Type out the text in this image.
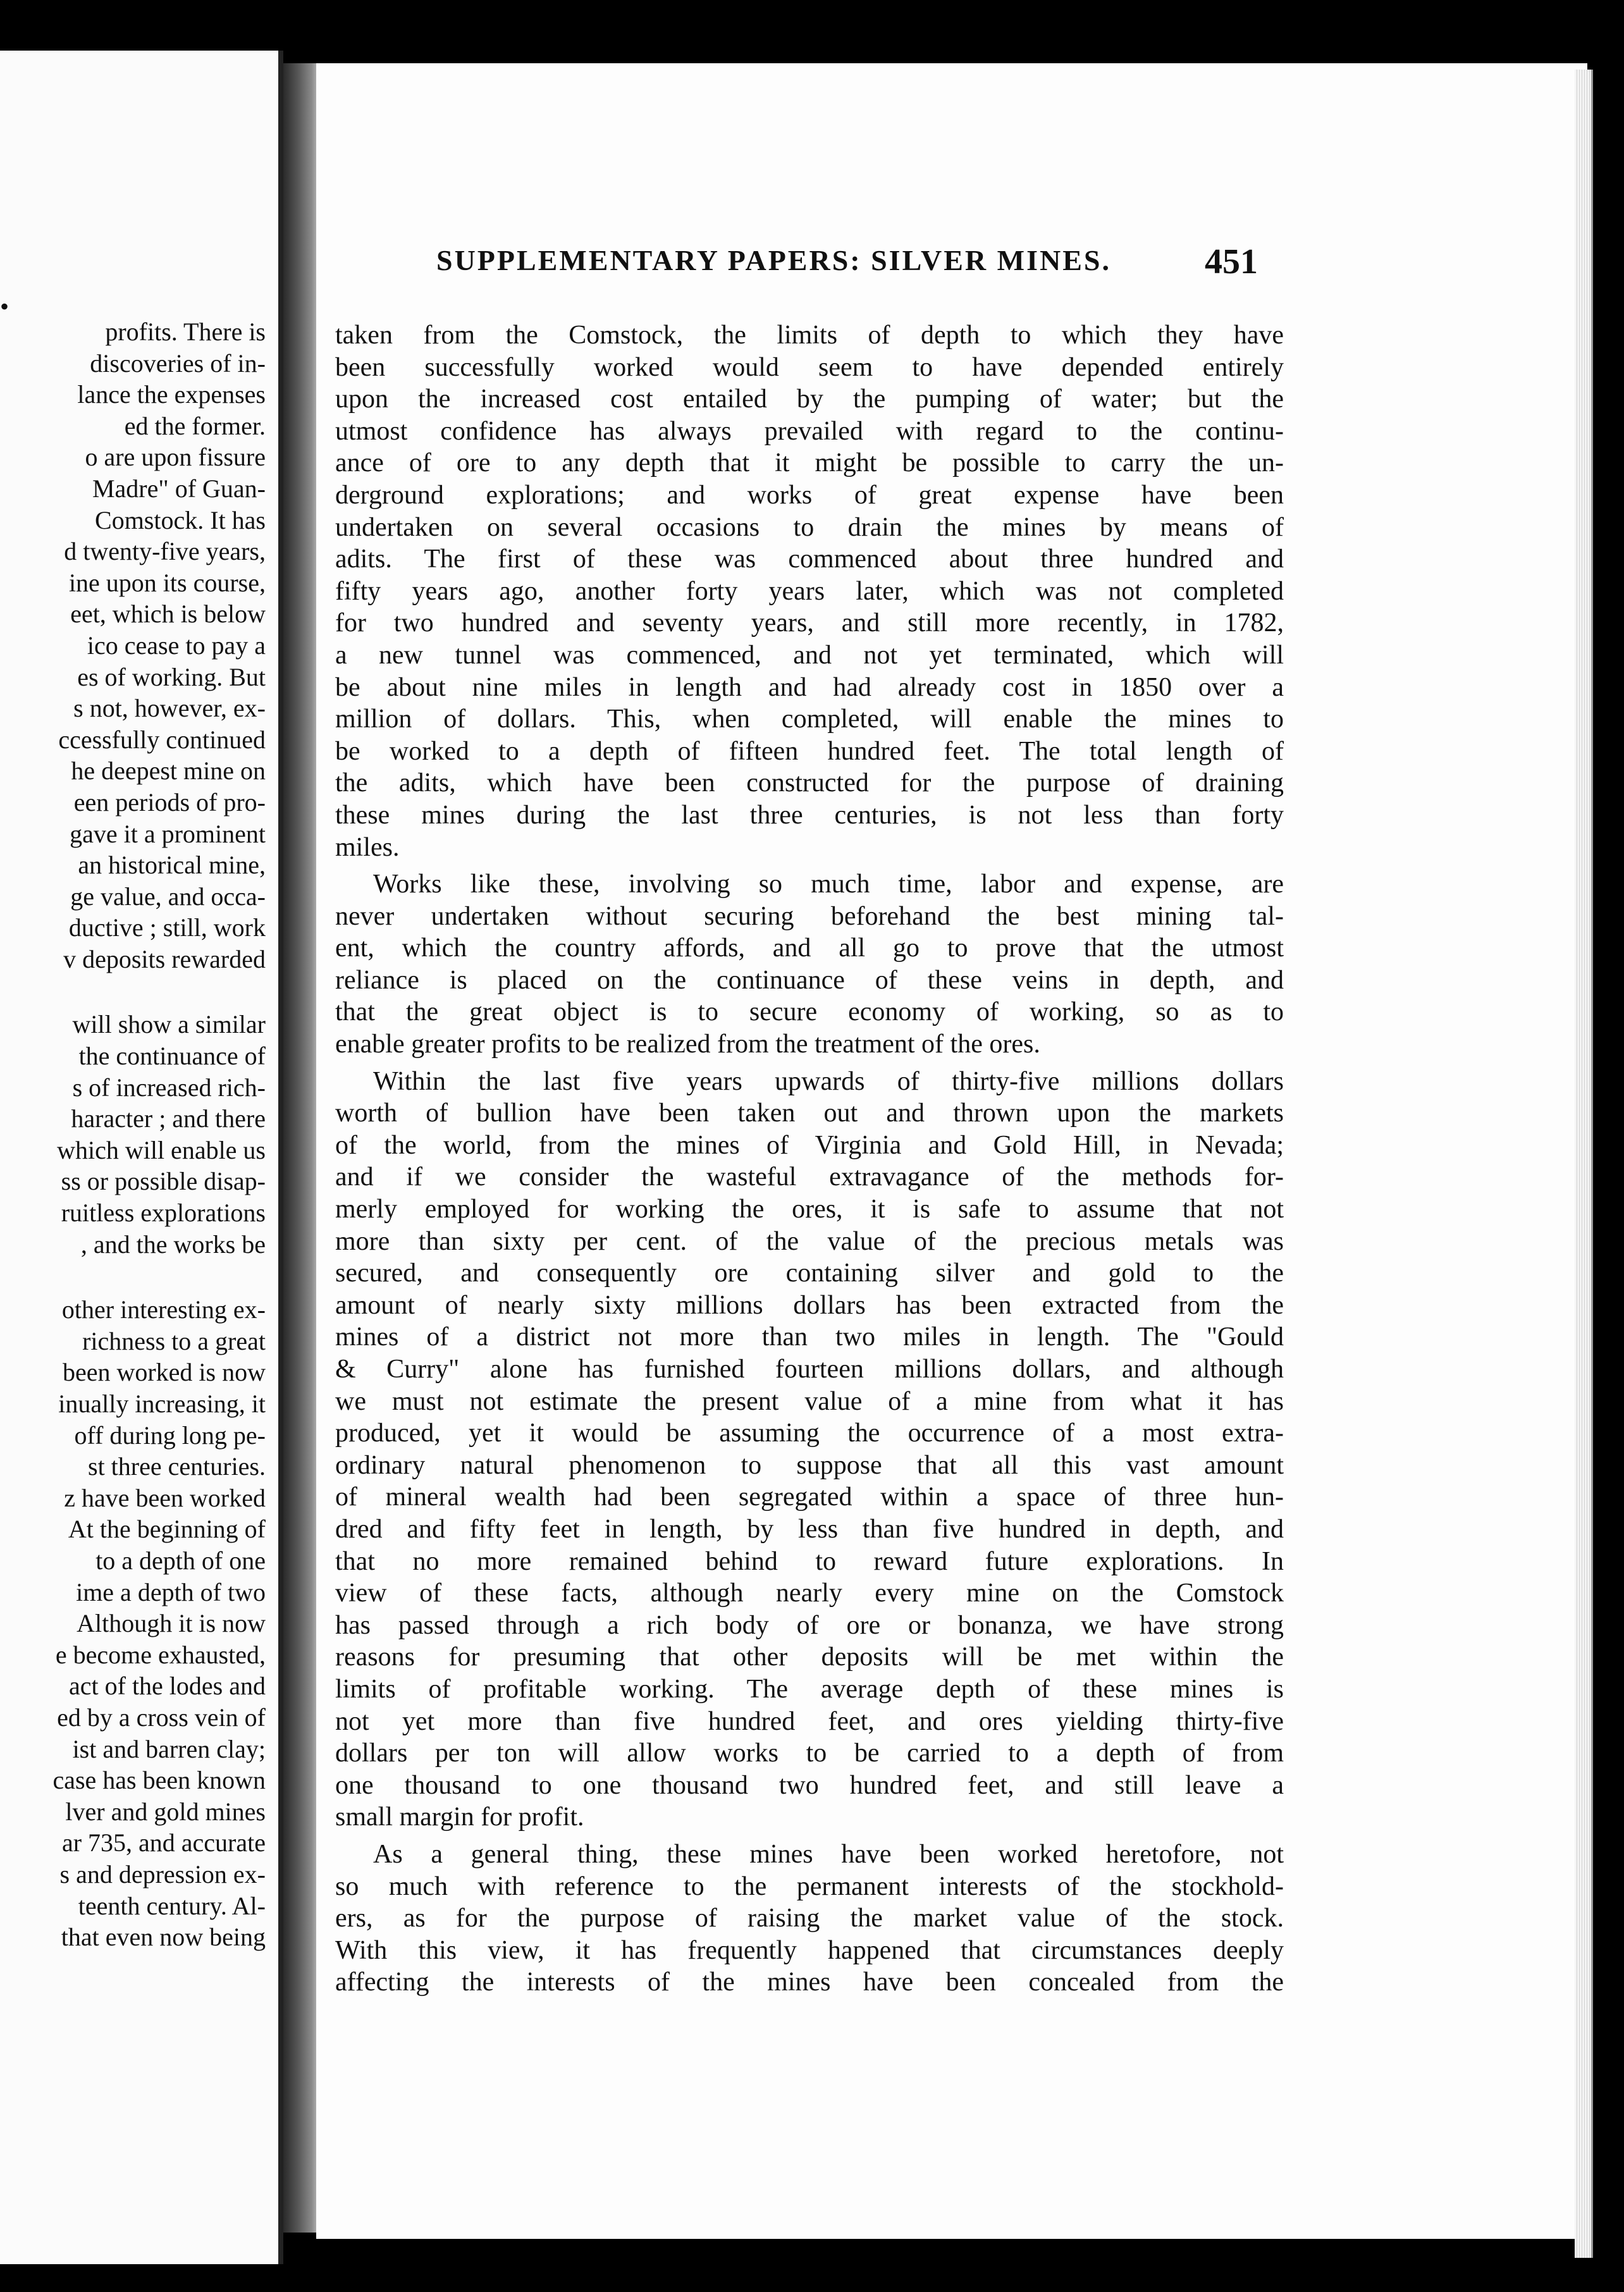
•
profits. There is
discoveries of in-
lance the expenses
ed the former.
o are upon fissure
Madre" of Guan-
Comstock. It has
d twenty-five years,
ine upon its course,
eet, which is below
ico cease to pay a
es of working. But
s not, however, ex-
ccessfully continued
he deepest mine on
een periods of pro-
gave it a prominent
an historical mine,
ge value, and occa-
ductive ; still, work
v deposits rewarded
will show a similar
the continuance of
s of increased rich-
haracter ; and there
which will enable us
ss or possible disap-
ruitless explorations
, and the works be
other interesting ex-
richness to a great
been worked is now
inually increasing, it
off during long pe-
st three centuries.
z have been worked
At the beginning of
to a depth of one
ime a depth of two
Although it is now
e become exhausted,
act of the lodes and
ed by a cross vein of
ist and barren clay;
case has been known
lver and gold mines
ar 735, and accurate
s and depression ex-
teenth century. Al-
that even now being
SUPPLEMENTARY PAPERS: SILVER MINES.	451
taken from the Comstock, the limits of depth to which they have
been successfully worked would seem to have depended entirely
upon the increased cost entailed by the pumping of water; but the
utmost confidence has always prevailed with regard to the continu-
ance of ore to any depth that it might be possible to carry the un-
derground explorations; and works of great expense have been
undertaken on several occasions to drain the mines by means of
adits. The first of these was commenced about three hundred and
fifty years ago, another forty years later, which was not completed
for two hundred and seventy years, and still more recently, in 1782,
a new tunnel was commenced, and not yet terminated, which will
be about nine miles in length and had already cost in 1850 over a
million of dollars. This, when completed, will enable the mines to
be worked to a depth of fifteen hundred feet. The total length of
the adits, which have been constructed for the purpose of draining
these mines during the last three centuries, is not less than forty
miles.
Works like these, involving so much time, labor and expense, are
never undertaken without securing beforehand the best mining tal-
ent, which the country affords, and all go to prove that the utmost
reliance is placed on the continuance of these veins in depth, and
that the great object is to secure economy of working, so as to
enable greater profits to be realized from the treatment of the ores.
Within the last five years upwards of thirty-five millions dollars
worth of bullion have been taken out and thrown upon the markets
of the world, from the mines of Virginia and Gold Hill, in Nevada;
and if we consider the wasteful extravagance of the methods for-
merly employed for working the ores, it is safe to assume that not
more than sixty per cent. of the value of the precious metals was
secured, and consequently ore containing silver and gold to the
amount of nearly sixty millions dollars has been extracted from the
mines of a district not more than two miles in length. The "Gould
& Curry" alone has furnished fourteen millions dollars, and although
we must not estimate the present value of a mine from what it has
produced, yet it would be assuming the occurrence of a most extra-
ordinary natural phenomenon to suppose that all this vast amount
of mineral wealth had been segregated within a space of three hun-
dred and fifty feet in length, by less than five hundred in depth, and
that no more remained behind to reward future explorations. In
view of these facts, although nearly every mine on the Comstock
has passed through a rich body of ore or bonanza, we have strong
reasons for presuming that other deposits will be met within the
limits of profitable working. The average depth of these mines is
not yet more than five hundred feet, and ores yielding thirty-five
dollars per ton will allow works to be carried to a depth of from
one thousand to one thousand two hundred feet, and still leave a
small margin for profit.
As a general thing, these mines have been worked heretofore, not
so much with reference to the permanent interests of the stockhold-
ers, as for the purpose of raising the market value of the stock.
With this view, it has frequently happened that circumstances deeply
affecting the interests of the mines have been concealed from the
